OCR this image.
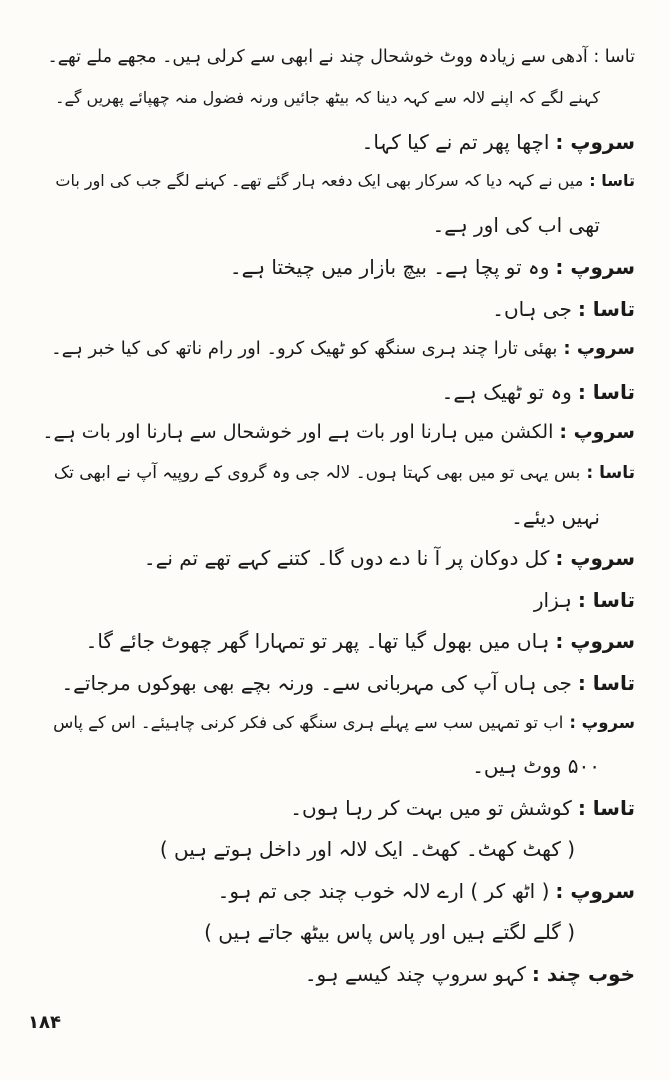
تاسا : آدھی سے زیادہ ووٹ خوشحال چند نے ابھی سے کرلی ہیں۔ مجھے ملے تھے۔
کہنے لگے کہ اپنے لالہ سے کہہ دینا کہ بیٹھ جائیں ورنہ فضول منہ چھپائے پھریں گے۔
سروپ :اچھا پھر تم نے کیا کہا۔
تاسا :میں نے کہہ دیا کہ سرکار بھی ایک دفعہ ہار گئے تھے۔ کہنے لگے جب کی اور بات
تھی اب کی اور ہے۔
سروپ :وہ تو پچا ہے۔ بیچ بازار میں چیختا ہے۔
تاسا :جی ہاں۔
سروپ :بھئی تارا چند ہری سنگھ کو ٹھیک کرو۔ اور رام ناتھ کی کیا خبر ہے۔
تاسا :وہ تو ٹھیک ہے۔
سروپ :الکشن میں ہارنا اور بات ہے اور خوشحال سے ہارنا اور بات ہے۔
تاسا :بس یہی تو میں بھی کہتا ہوں۔ لالہ جی وہ گروی کے روپیہ آپ نے ابھی تک
نہیں دیئے۔
سروپ :کل دوکان پر آ نا دے دوں گا۔ کتنے کہے تھے تم نے۔
تاسا :ہزار
سروپ :ہاں میں بھول گیا تھا۔ پھر تو تمہارا گھر چھوٹ جائے گا۔
تاسا :جی ہاں آپ کی مہربانی سے۔ ورنہ بچے بھی بھوکوں مرجاتے۔
سروپ :اب تو تمہیں سب سے پہلے ہری سنگھ کی فکر کرنی چاہیئے۔ اس کے پاس
۵۰۰ ووٹ ہیں۔
تاسا :کوشش تو میں بہت کر رہا ہوں۔
( کھٹ کھٹ۔ کھٹ۔ ایک لالہ اور داخل ہوتے ہیں )
سروپ :( اٹھ کر ) ارے لالہ خوب چند جی تم ہو۔
( گلے لگتے ہیں اور پاس پاس بیٹھ جاتے ہیں )
خوب چند :کہو سروپ چند کیسے ہو۔
۱۸۴
